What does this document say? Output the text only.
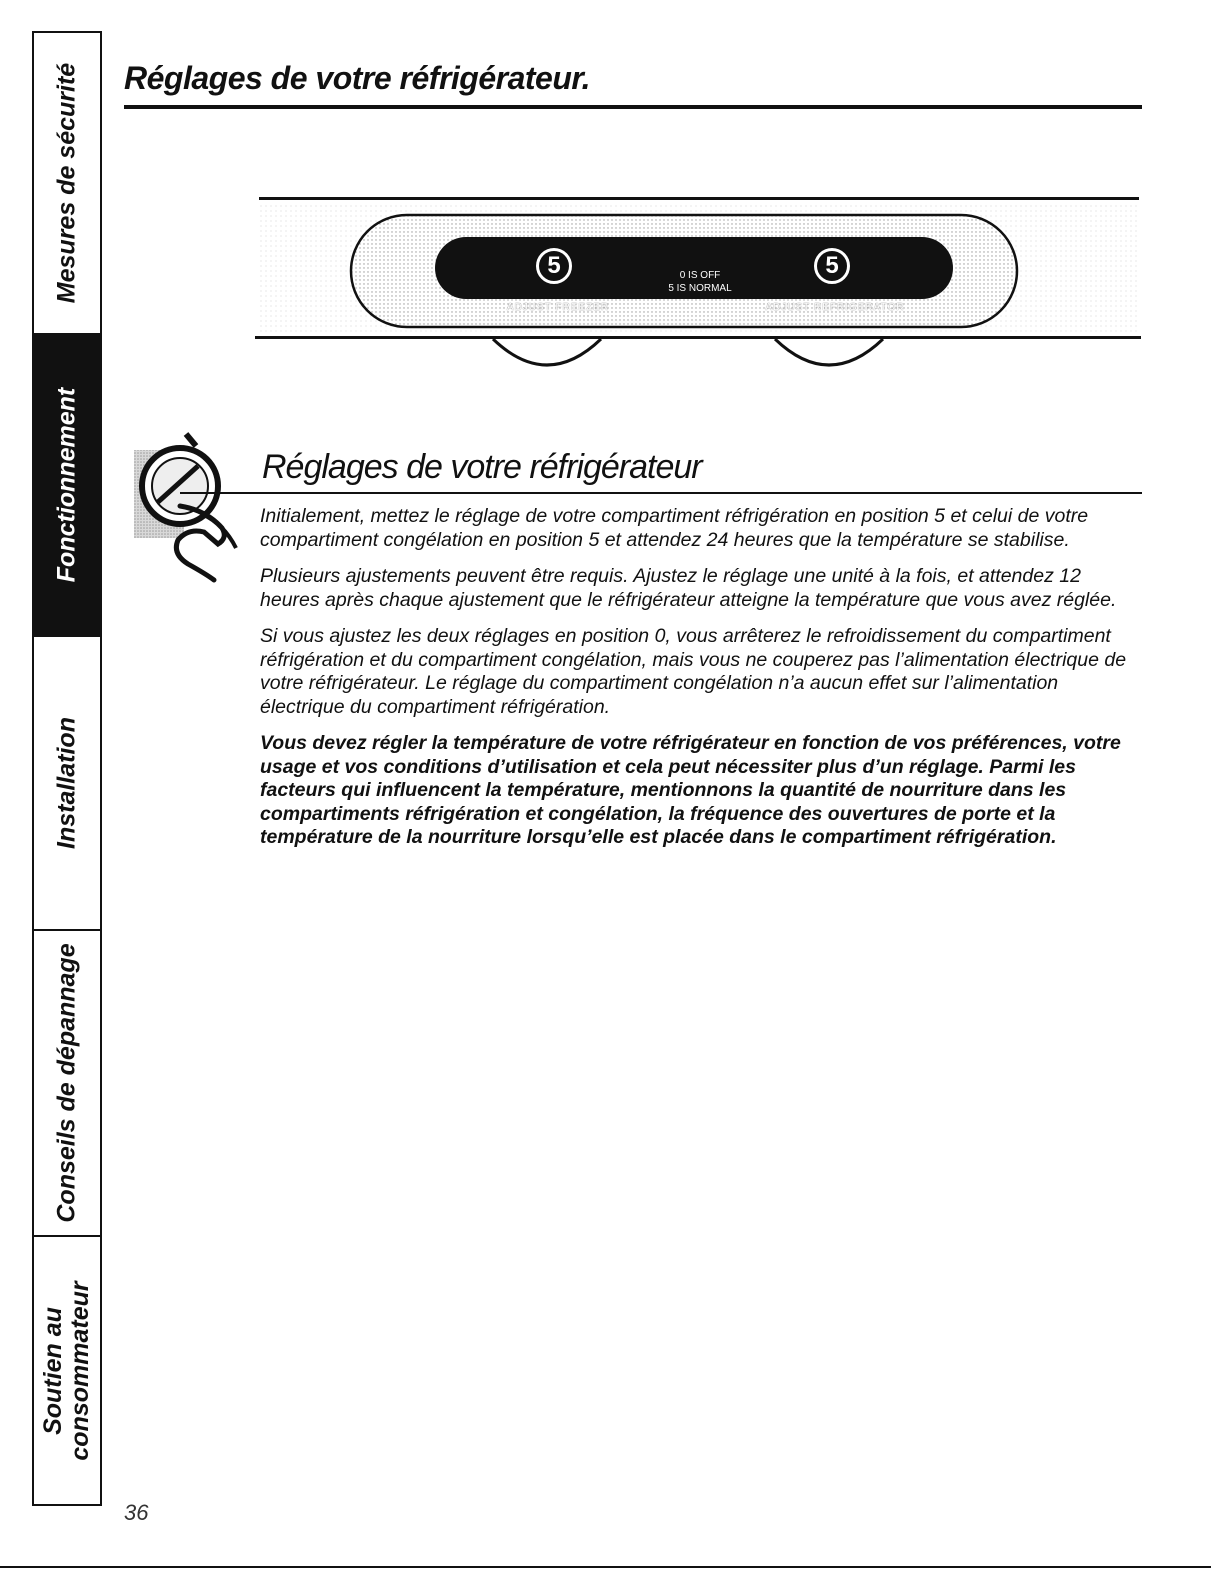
Mesures de sécurité
Fonctionnement
Installation
Conseils de dépannage
Soutien au consommateur
Réglages de votre réfrigérateur.
5	5
0 IS OFF
5 IS NORMAL
ADJUST FREEZER	ADJUST REFRIGERATOR
Réglages de votre réfrigérateur

Initialement, mettez le réglage de votre compartiment réfrigération en position 5 et celui de votre compartiment congélation en position 5 et attendez 24 heures que la température se stabilise.

Plusieurs ajustements peuvent être requis. Ajustez le réglage une unité à la fois, et attendez 12 heures après chaque ajustement que le réfrigérateur atteigne la température que vous avez réglée.

Si vous ajustez les deux réglages en position 0, vous arrêterez le refroidissement du compartiment réfrigération et du compartiment congélation, mais vous ne couperez pas l’alimentation électrique de votre réfrigérateur. Le réglage du compartiment congélation n’a aucun effet sur l’alimentation électrique du compartiment réfrigération.

Vous devez régler la température de votre réfrigérateur en fonction de vos préférences, votre usage et vos conditions d’utilisation et cela peut nécessiter plus d’un réglage. Parmi les facteurs qui influencent la température, mentionnons la quantité de nourriture dans les compartiments réfrigération et congélation, la fréquence des ouvertures de porte et la température de la nourriture lorsqu’elle est placée dans le compartiment réfrigération.

36
